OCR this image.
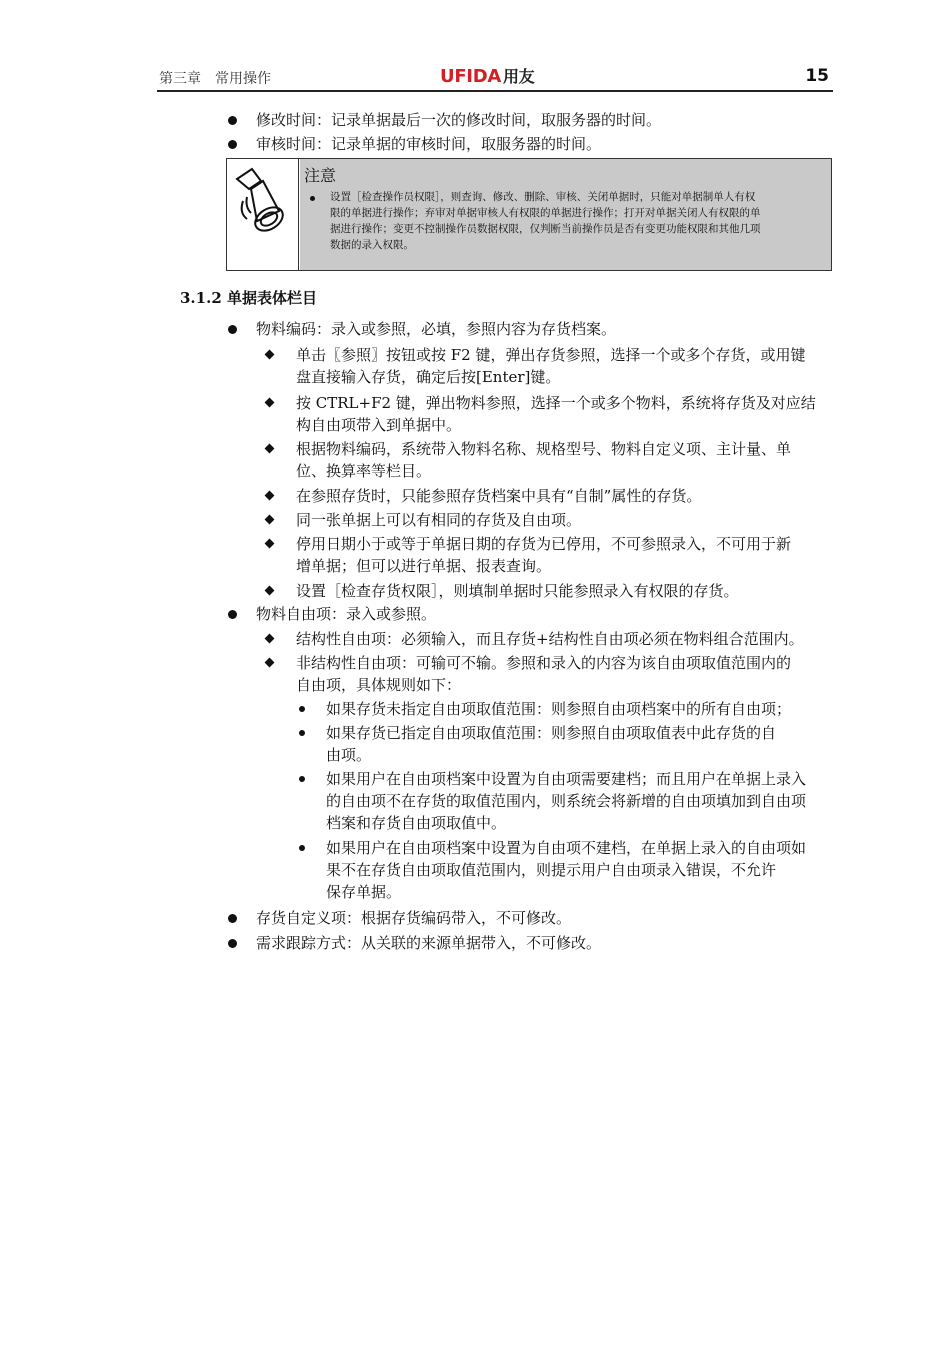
第三章　常用操作	UFIDA 用友	15
修改时间：记录单据最后一次的修改时间，取服务器的时间。
审核时间：记录单据的审核时间，取服务器的时间。
注意
设置［检查操作员权限］，则查询、修改、删除、审核、关闭单据时，只能对单据制单人有权
限的单据进行操作；弃审对单据审核人有权限的单据进行操作；打开对单据关闭人有权限的单
据进行操作；变更不控制操作员数据权限，仅判断当前操作员是否有变更功能权限和其他几项
数据的录入权限。
3.1.2 单据表体栏目
物料编码：录入或参照，必填，参照内容为存货档案。
单击〖参照〗按钮或按 F2 键，弹出存货参照，选择一个或多个存货，或用键
盘直接输入存货，确定后按[Enter]键。
按 CTRL+F2 键，弹出物料参照，选择一个或多个物料，系统将存货及对应结
构自由项带入到单据中。
根据物料编码，系统带入物料名称、规格型号、物料自定义项、主计量、单
位、换算率等栏目。
在参照存货时，只能参照存货档案中具有“自制”属性的存货。
同一张单据上可以有相同的存货及自由项。
停用日期小于或等于单据日期的存货为已停用，不可参照录入，不可用于新
增单据；但可以进行单据、报表查询。
设置［检查存货权限］，则填制单据时只能参照录入有权限的存货。
物料自由项：录入或参照。
结构性自由项：必须输入，而且存货+结构性自由项必须在物料组合范围内。
非结构性自由项：可输可不输。参照和录入的内容为该自由项取值范围内的
自由项，具体规则如下：
如果存货未指定自由项取值范围：则参照自由项档案中的所有自由项；
如果存货已指定自由项取值范围：则参照自由项取值表中此存货的自
由项。
如果用户在自由项档案中设置为自由项需要建档；而且用户在单据上录入
的自由项不在存货的取值范围内，则系统会将新增的自由项填加到自由项
档案和存货自由项取值中。
如果用户在自由项档案中设置为自由项不建档，在单据上录入的自由项如
果不在存货自由项取值范围内，则提示用户自由项录入错误，不允许
保存单据。
存货自定义项：根据存货编码带入，不可修改。
需求跟踪方式：从关联的来源单据带入，不可修改。
